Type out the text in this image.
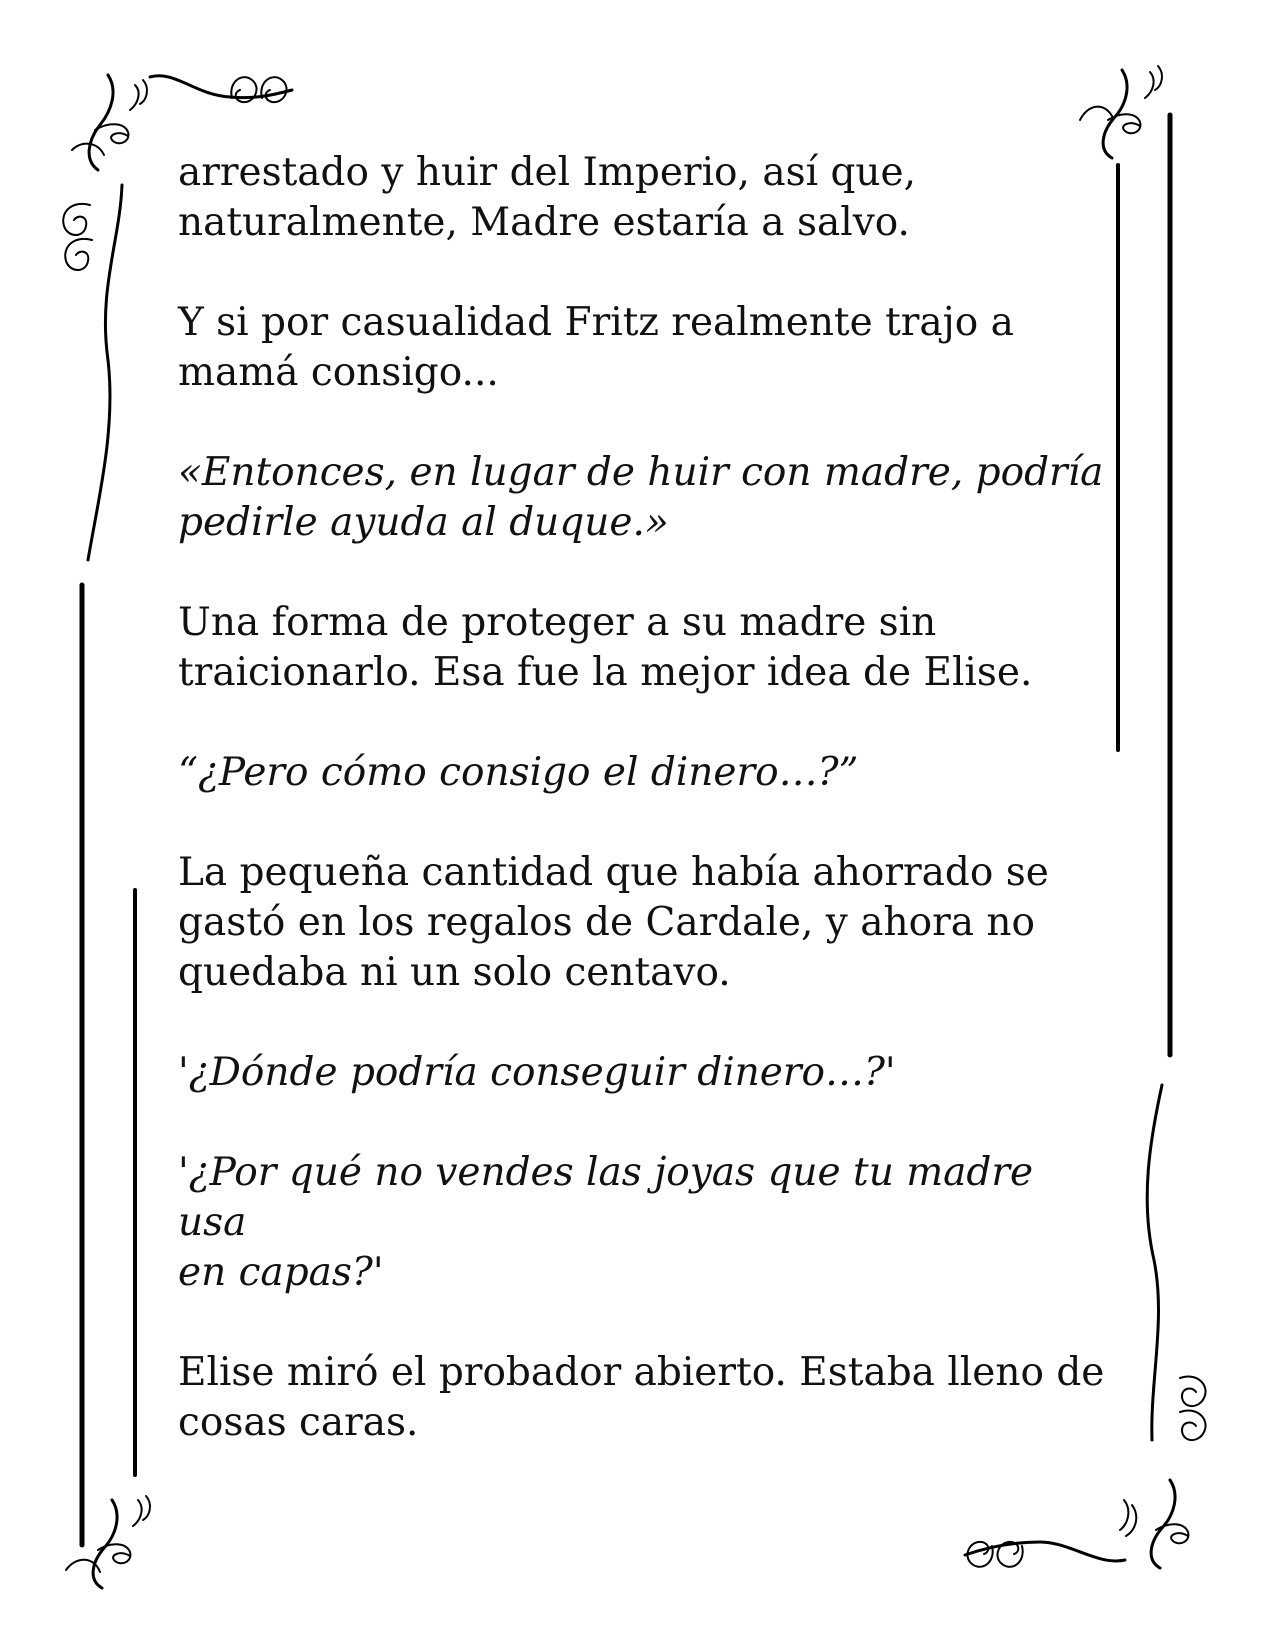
arrestado y huir del Imperio, así que,
naturalmente, Madre estaría a salvo.

Y si por casualidad Fritz realmente trajo a
mamá consigo...

«Entonces, en lugar de huir con madre, podría
pedirle ayuda al duque.»

Una forma de proteger a su madre sin
traicionarlo. Esa fue la mejor idea de Elise.

“¿Pero cómo consigo el dinero…?”

La pequeña cantidad que había ahorrado se
gastó en los regalos de Cardale, y ahora no
quedaba ni un solo centavo.

'¿Dónde podría conseguir dinero…?'

'¿Por qué no vendes las joyas que tu madre usa
en capas?'

Elise miró el probador abierto. Estaba lleno de
cosas caras.
